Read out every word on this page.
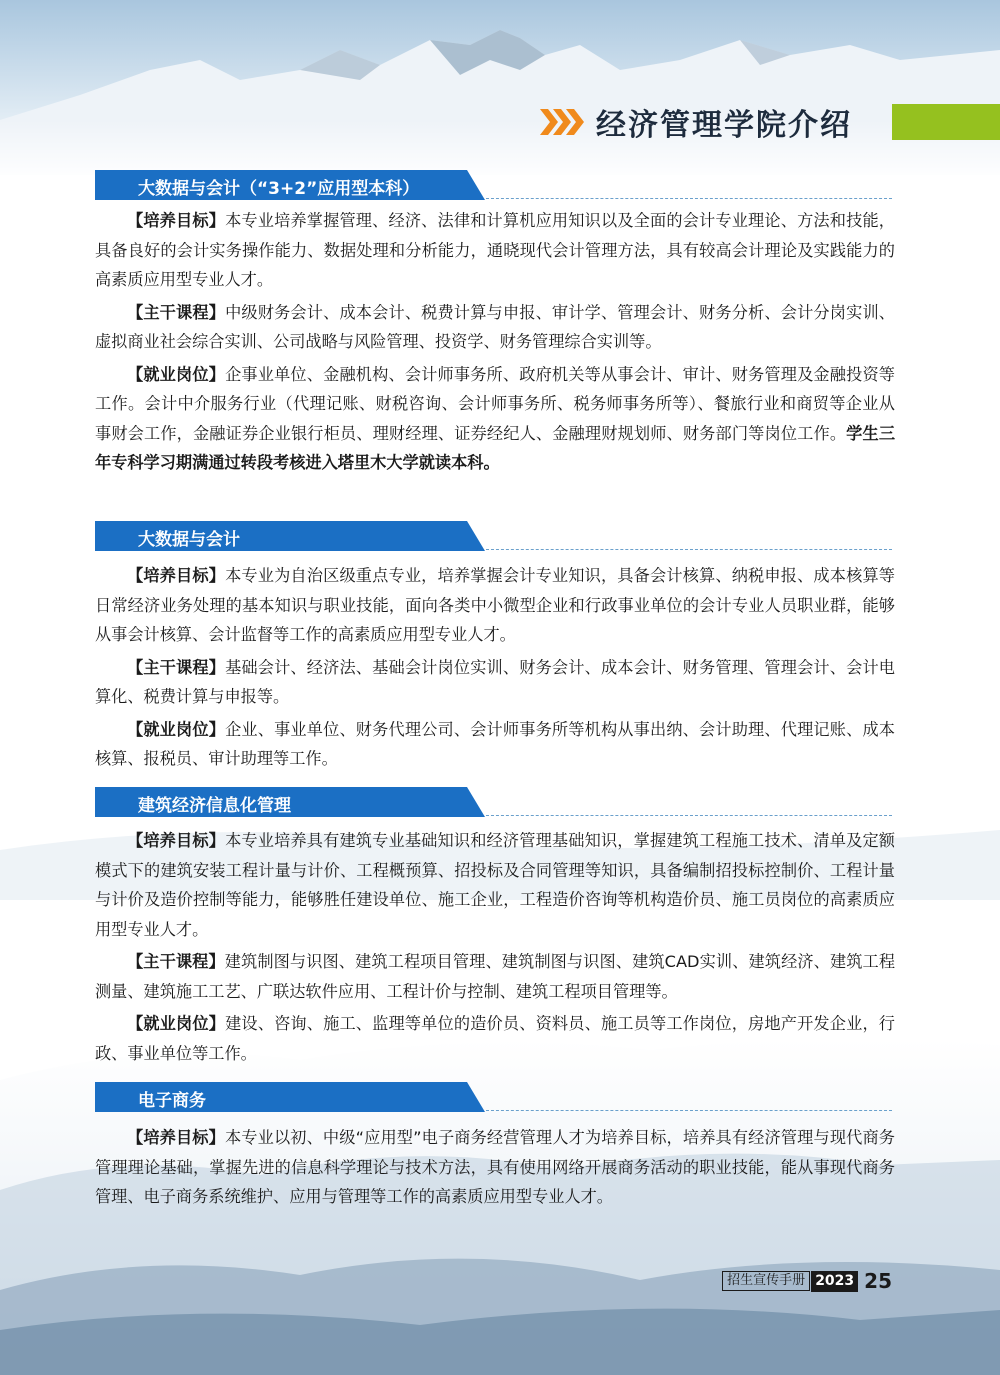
经济管理学院介绍
大数据与会计（“3+2”应用型本科）

【培养目标】本专业培养掌握管理、经济、法律和计算机应用知识以及全面的会计专业理论、方法和技能，具备良好的会计实务操作能力、数据处理和分析能力，通晓现代会计管理方法，具有较高会计理论及实践能力的高素质应用型专业人才。

【主干课程】中级财务会计、成本会计、税费计算与申报、审计学、管理会计、财务分析、会计分岗实训、虚拟商业社会综合实训、公司战略与风险管理、投资学、财务管理综合实训等。

【就业岗位】企事业单位、金融机构、会计师事务所、政府机关等从事会计、审计、财务管理及金融投资等工作。会计中介服务行业（代理记账、财税咨询、会计师事务所、税务师事务所等）、餐旅行业和商贸等企业从事财会工作，金融证券企业银行柜员、理财经理、证券经纪人、金融理财规划师、财务部门等岗位工作。学生三年专科学习期满通过转段考核进入塔里木大学就读本科。

大数据与会计

【培养目标】本专业为自治区级重点专业，培养掌握会计专业知识，具备会计核算、纳税申报、成本核算等日常经济业务处理的基本知识与职业技能，面向各类中小微型企业和行政事业单位的会计专业人员职业群，能够从事会计核算、会计监督等工作的高素质应用型专业人才。

【主干课程】基础会计、经济法、基础会计岗位实训、财务会计、成本会计、财务管理、管理会计、会计电算化、税费计算与申报等。

【就业岗位】企业、事业单位、财务代理公司、会计师事务所等机构从事出纳、会计助理、代理记账、成本核算、报税员、审计助理等工作。

建筑经济信息化管理

【培养目标】本专业培养具有建筑专业基础知识和经济管理基础知识，掌握建筑工程施工技术、清单及定额模式下的建筑安装工程计量与计价、工程概预算、招投标及合同管理等知识，具备编制招投标控制价、工程计量与计价及造价控制等能力，能够胜任建设单位、施工企业，工程造价咨询等机构造价员、施工员岗位的高素质应用型专业人才。

【主干课程】建筑制图与识图、建筑工程项目管理、建筑制图与识图、建筑CAD实训、建筑经济、建筑工程测量、建筑施工工艺、广联达软件应用、工程计价与控制、建筑工程项目管理等。

【就业岗位】建设、咨询、施工、监理等单位的造价员、资料员、施工员等工作岗位，房地产开发企业，行政、事业单位等工作。

电子商务

【培养目标】本专业以初、中级“应用型”电子商务经营管理人才为培养目标，培养具有经济管理与现代商务管理理论基础，掌握先进的信息科学理论与技术方法，具有使用网络开展商务活动的职业技能，能从事现代商务管理、电子商务系统维护、应用与管理等工作的高素质应用型专业人才。

招生宣传手册 2023 25
